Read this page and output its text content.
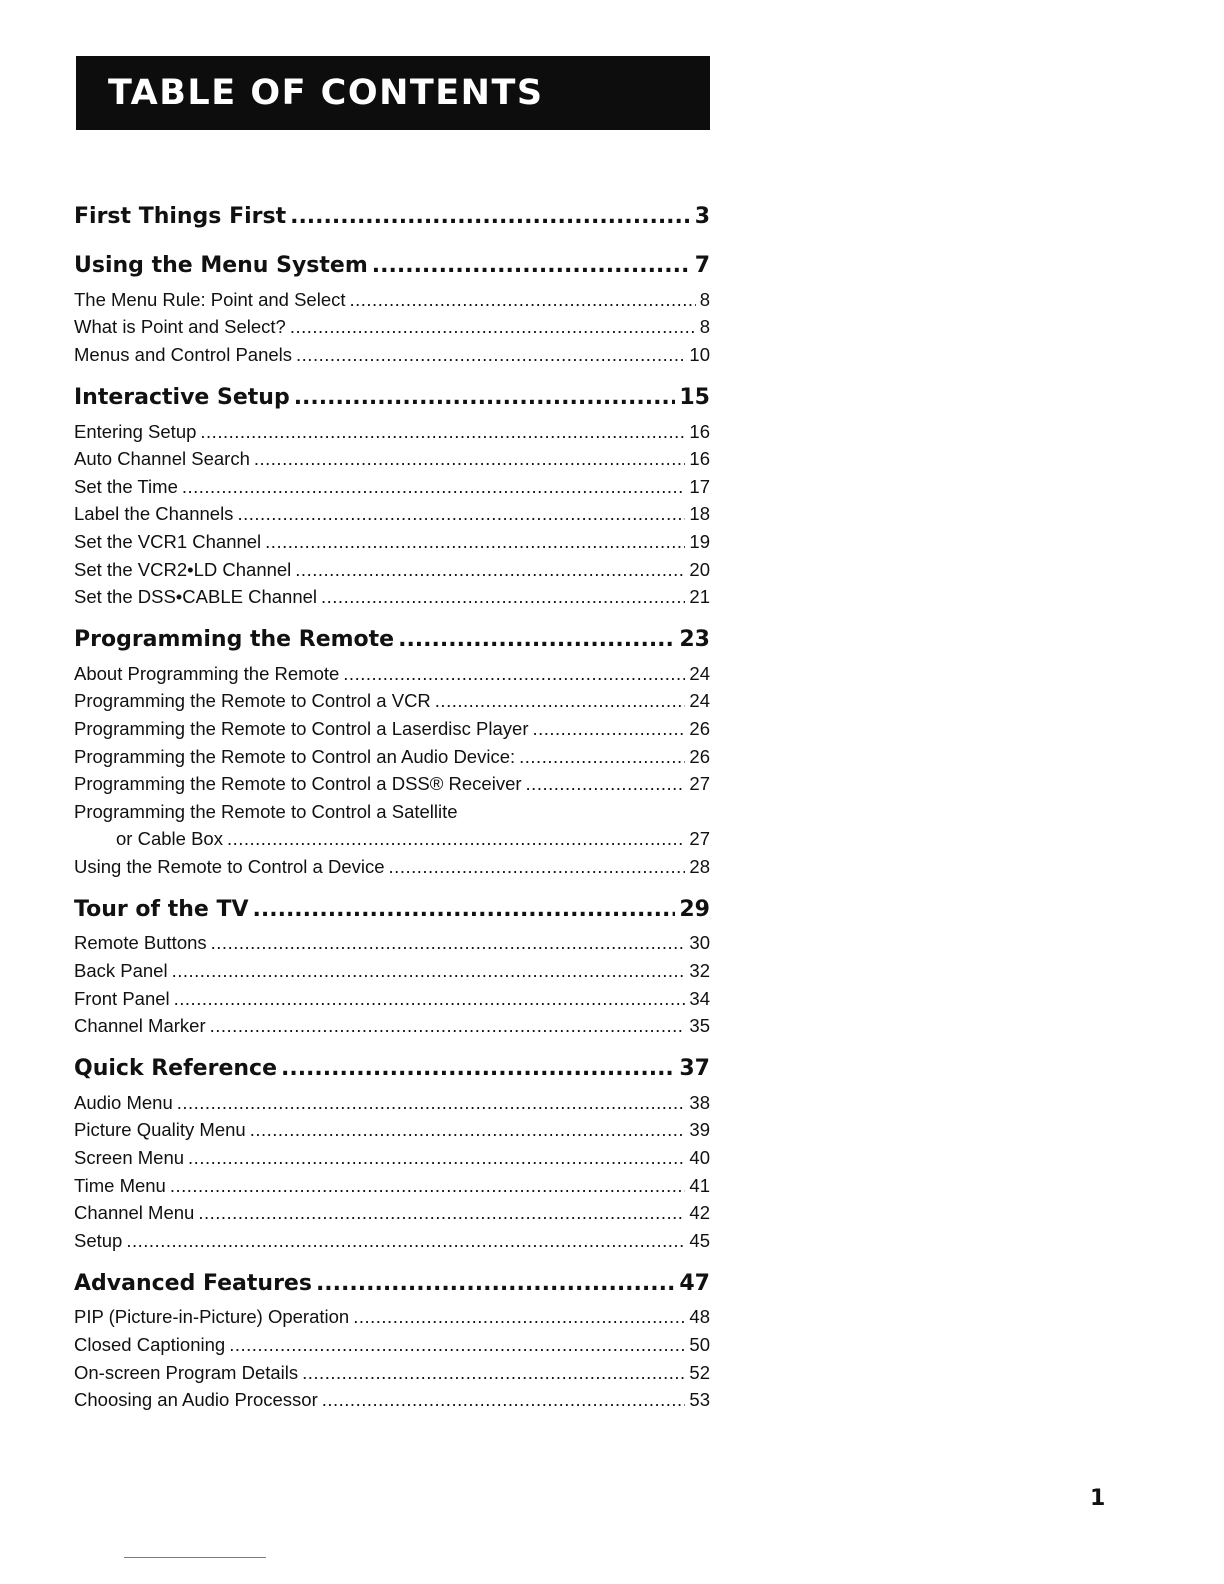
TABLE OF CONTENTS
First Things First .....	3
Using the Menu System .....	7
The Menu Rule: Point and Select .....	8
What is Point and Select? .....	8
Menus and Control Panels .....	10
Interactive Setup .....	15
Entering Setup .....	16
Auto Channel Search .....	16
Set the Time .....	17
Label the Channels .....	18
Set the VCR1 Channel .....	19
Set the VCR2•LD Channel .....	20
Set the DSS•CABLE Channel .....	21
Programming the Remote .....	23
About Programming the Remote .....	24
Programming the Remote to Control a VCR .....	24
Programming the Remote to Control a Laserdisc Player .....	26
Programming the Remote to Control an Audio Device: .....	26
Programming the Remote to Control a DSS® Receiver .....	27
Programming the Remote to Control a Satellite
or Cable Box .....	27
Using the Remote to Control a Device .....	28
Tour of the TV .....	29
Remote Buttons .....	30
Back Panel .....	32
Front Panel .....	34
Channel Marker .....	35
Quick Reference .....	37
Audio Menu .....	38
Picture Quality Menu .....	39
Screen Menu .....	40
Time Menu .....	41
Channel Menu .....	42
Setup .....	45
Advanced Features .....	47
PIP (Picture-in-Picture) Operation .....	48
Closed Captioning .....	50
On-screen Program Details .....	52
Choosing an Audio Processor .....	53
1
